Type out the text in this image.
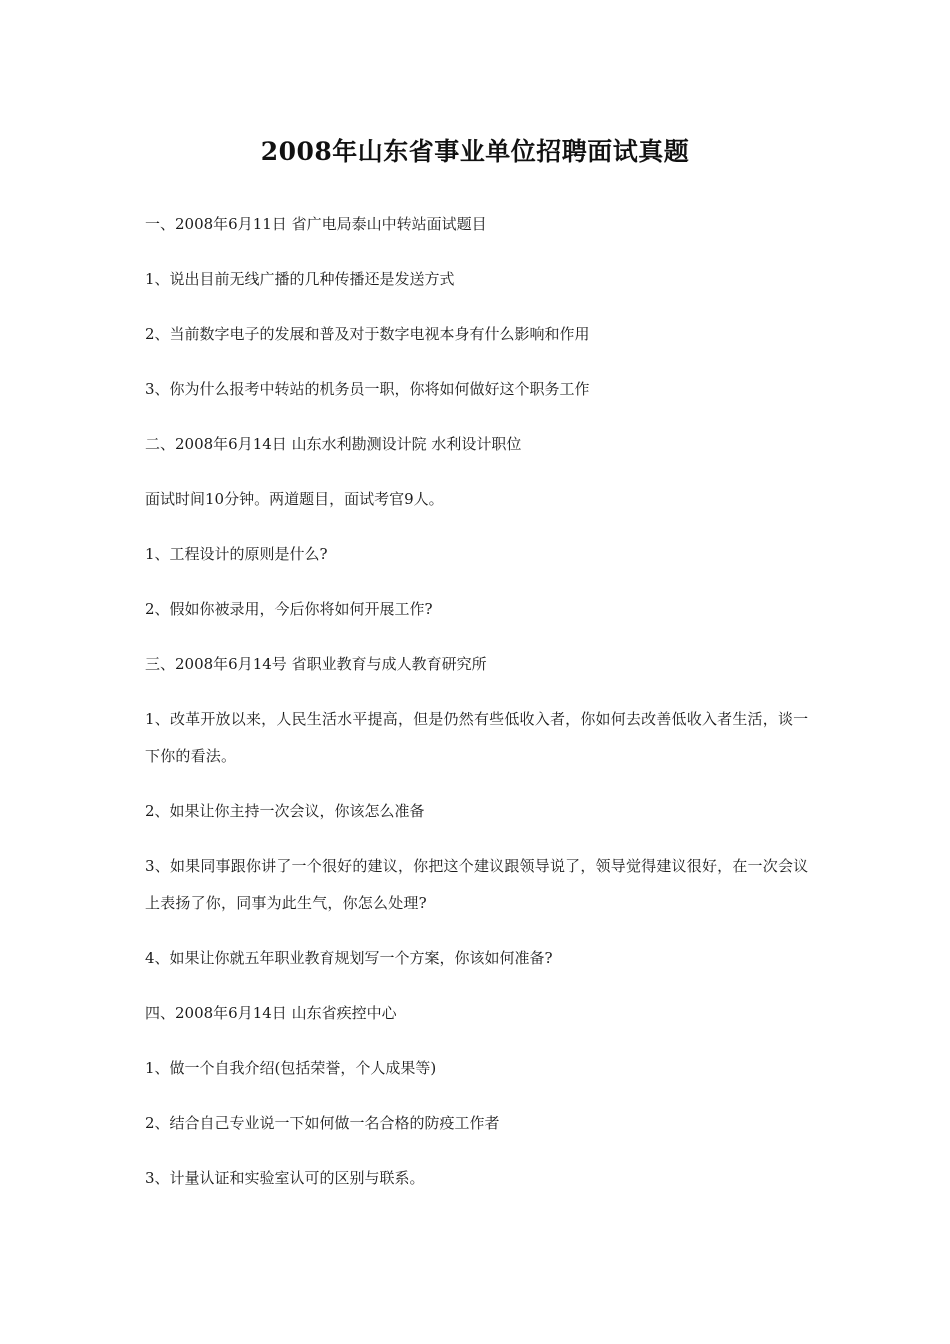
2008年山东省事业单位招聘面试真题

一、2008年6月11日 省广电局泰山中转站面试题目

1、说出目前无线广播的几种传播还是发送方式

2、当前数字电子的发展和普及对于数字电视本身有什么影响和作用

3、你为什么报考中转站的机务员一职，你将如何做好这个职务工作

二、2008年6月14日 山东水利勘测设计院 水利设计职位

面试时间10分钟。两道题目，面试考官9人。

1、工程设计的原则是什么?

2、假如你被录用，今后你将如何开展工作?

三、2008年6月14号 省职业教育与成人教育研究所

1、改革开放以来，人民生活水平提高，但是仍然有些低收入者，你如何去改善低收入者生活，谈一下你的看法。

2、如果让你主持一次会议，你该怎么准备

3、如果同事跟你讲了一个很好的建议，你把这个建议跟领导说了，领导觉得建议很好，在一次会议上表扬了你，同事为此生气，你怎么处理?

4、如果让你就五年职业教育规划写一个方案，你该如何准备?

四、2008年6月14日 山东省疾控中心

1、做一个自我介绍(包括荣誉，个人成果等)

2、结合自己专业说一下如何做一名合格的防疫工作者

3、计量认证和实验室认可的区别与联系。
